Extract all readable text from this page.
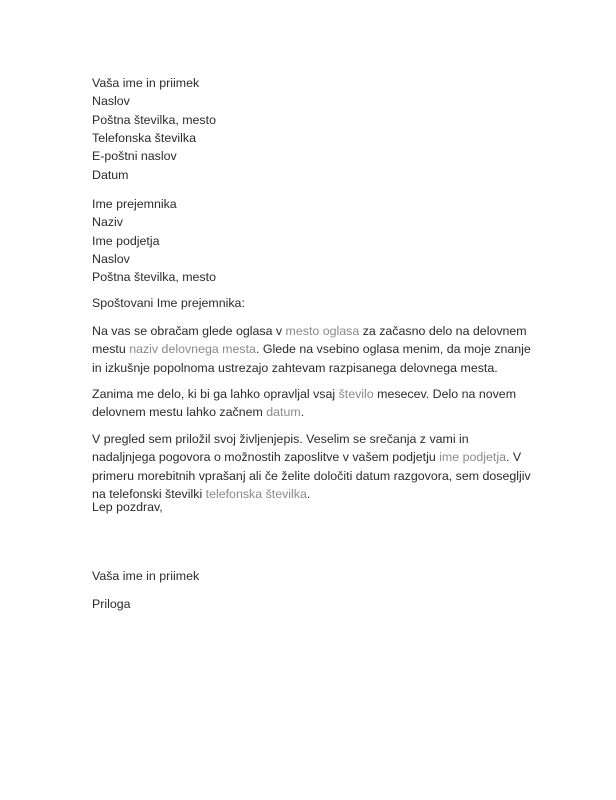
Vaša ime in priimek
Naslov
Poštna številka, mesto
Telefonska številka
E-poštni naslov
Datum
Ime prejemnika
Naziv
Ime podjetja
Naslov
Poštna številka, mesto
Spoštovani Ime prejemnika:
Na vas se obračam glede oglasa v mesto oglasa za začasno delo na delovnem mestu naziv delovnega mesta. Glede na vsebino oglasa menim, da moje znanje in izkušnje popolnoma ustrezajo zahtevam razpisanega delovnega mesta.
Zanima me delo, ki bi ga lahko opravljal vsaj število mesecev. Delo na novem delovnem mestu lahko začnem datum.
V pregled sem priložil svoj življenjepis. Veselim se srečanja z vami in nadaljnjega pogovora o možnostih zaposlitve v vašem podjetju ime podjetja. V primeru morebitnih vprašanj ali če želite določiti datum razgovora, sem dosegljiv na telefonski številki telefonska številka.
Lep pozdrav,
Vaša ime in priimek
Priloga
